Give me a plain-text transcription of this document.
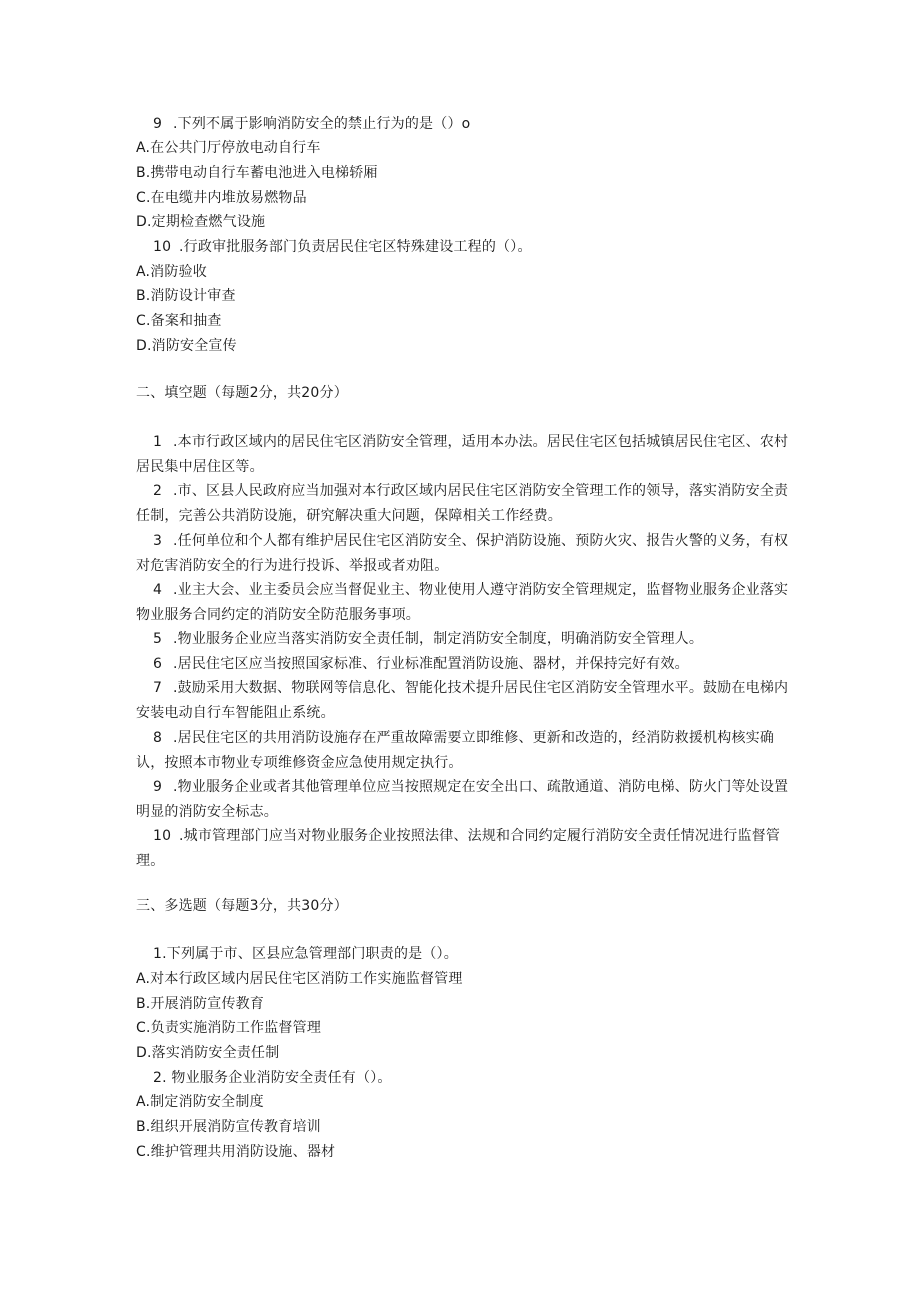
9 .下列不属于影响消防安全的禁止行为的是（）o
A.在公共门厅停放电动自行车
B.携带电动自行车蓄电池进入电梯轿厢
C.在电缆井内堆放易燃物品
D.定期检查燃气设施
10 .行政审批服务部门负责居民住宅区特殊建设工程的（）。
A.消防验收
B.消防设计审查
C.备案和抽查
D.消防安全宣传
二、填空题（每题2分，共20分）
1 .本市行政区域内的居民住宅区消防安全管理，适用本办法。居民住宅区包括城镇居民住宅区、农村居民集中居住区等。
2 .市、区县人民政府应当加强对本行政区域内居民住宅区消防安全管理工作的领导，落实消防安全责任制，完善公共消防设施，研究解决重大问题，保障相关工作经费。
3 .任何单位和个人都有维护居民住宅区消防安全、保护消防设施、预防火灾、报告火警的义务，有权对危害消防安全的行为进行投诉、举报或者劝阻。
4 .业主大会、业主委员会应当督促业主、物业使用人遵守消防安全管理规定，监督物业服务企业落实物业服务合同约定的消防安全防范服务事项。
5 .物业服务企业应当落实消防安全责任制，制定消防安全制度，明确消防安全管理人。
6 .居民住宅区应当按照国家标准、行业标准配置消防设施、器材，并保持完好有效。
7 .鼓励采用大数据、物联网等信息化、智能化技术提升居民住宅区消防安全管理水平。鼓励在电梯内安装电动自行车智能阻止系统。
8 .居民住宅区的共用消防设施存在严重故障需要立即维修、更新和改造的，经消防救援机构核实确认，按照本市物业专项维修资金应急使用规定执行。
9 .物业服务企业或者其他管理单位应当按照规定在安全出口、疏散通道、消防电梯、防火门等处设置明显的消防安全标志。
10 .城市管理部门应当对物业服务企业按照法律、法规和合同约定履行消防安全责任情况进行监督管理。
三、多选题（每题3分，共30分）
1.下列属于市、区县应急管理部门职责的是（）。
A.对本行政区域内居民住宅区消防工作实施监督管理
B.开展消防宣传教育
C.负责实施消防工作监督管理
D.落实消防安全责任制
2. 物业服务企业消防安全责任有（）。
A.制定消防安全制度
B.组织开展消防宣传教育培训
C.维护管理共用消防设施、器材
